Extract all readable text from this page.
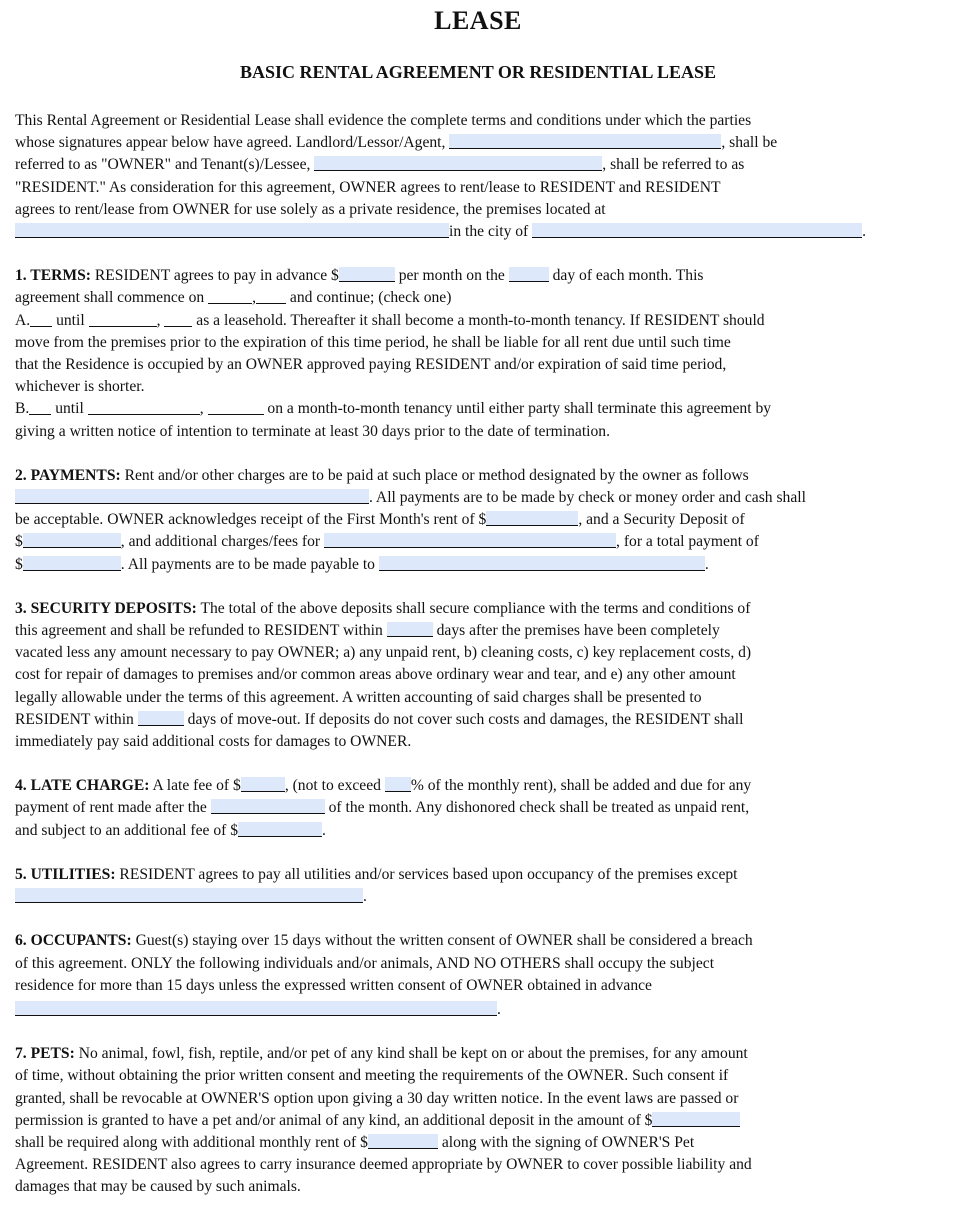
LEASE
BASIC RENTAL AGREEMENT OR RESIDENTIAL LEASE

This Rental Agreement or Residential Lease shall evidence the complete terms and conditions under which the parties
whose signatures appear below have agreed. Landlord/Lessor/Agent,	, shall be
referred to as "OWNER" and Tenant(s)/Lessee,	, shall be referred to as
"RESIDENT." As consideration for this agreement, OWNER agrees to rent/lease to RESIDENT and RESIDENT
agrees to rent/lease from OWNER for use solely as a private residence, the premises located at
in the city of	.

1. TERMS: RESIDENT agrees to pay in advance $	per month on the	day of each month. This
agreement shall commence on	, and continue; (check one)
A. until	,  as a leasehold. Thereafter it shall become a month-to-month tenancy. If RESIDENT should
move from the premises prior to the expiration of this time period, he shall be liable for all rent due until such time
that the Residence is occupied by an OWNER approved paying RESIDENT and/or expiration of said time period,
whichever is shorter.
B. until	,	on a month-to-month tenancy until either party shall terminate this agreement by
giving a written notice of intention to terminate at least 30 days prior to the date of termination.

2. PAYMENTS: Rent and/or other charges are to be paid at such place or method designated by the owner as follows
. All payments are to be made by check or money order and cash shall
be acceptable. OWNER acknowledges receipt of the First Month's rent of $	, and a Security Deposit of
$	, and additional charges/fees for	, for a total payment of
$	. All payments are to be made payable to	.

3. SECURITY DEPOSITS: The total of the above deposits shall secure compliance with the terms and conditions of
this agreement and shall be refunded to RESIDENT within	days after the premises have been completely
vacated less any amount necessary to pay OWNER; a) any unpaid rent, b) cleaning costs, c) key replacement costs, d)
cost for repair of damages to premises and/or common areas above ordinary wear and tear, and e) any other amount
legally allowable under the terms of this agreement. A written accounting of said charges shall be presented to
RESIDENT within	days of move-out. If deposits do not cover such costs and damages, the RESIDENT shall
immediately pay said additional costs for damages to OWNER.

4. LATE CHARGE: A late fee of $	, (not to exceed % of the monthly rent), shall be added and due for any
payment of rent made after the	of the month. Any dishonored check shall be treated as unpaid rent,
and subject to an additional fee of $	.

5. UTILITIES: RESIDENT agrees to pay all utilities and/or services based upon occupancy of the premises except
.

6. OCCUPANTS: Guest(s) staying over 15 days without the written consent of OWNER shall be considered a breach
of this agreement. ONLY the following individuals and/or animals, AND NO OTHERS shall occupy the subject
residence for more than 15 days unless the expressed written consent of OWNER obtained in advance
.

7. PETS: No animal, fowl, fish, reptile, and/or pet of any kind shall be kept on or about the premises, for any amount
of time, without obtaining the prior written consent and meeting the requirements of the OWNER. Such consent if
granted, shall be revocable at OWNER'S option upon giving a 30 day written notice. In the event laws are passed or
permission is granted to have a pet and/or animal of any kind, an additional deposit in the amount of $
shall be required along with additional monthly rent of $	along with the signing of OWNER'S Pet
Agreement. RESIDENT also agrees to carry insurance deemed appropriate by OWNER to cover possible liability and
damages that may be caused by such animals.
